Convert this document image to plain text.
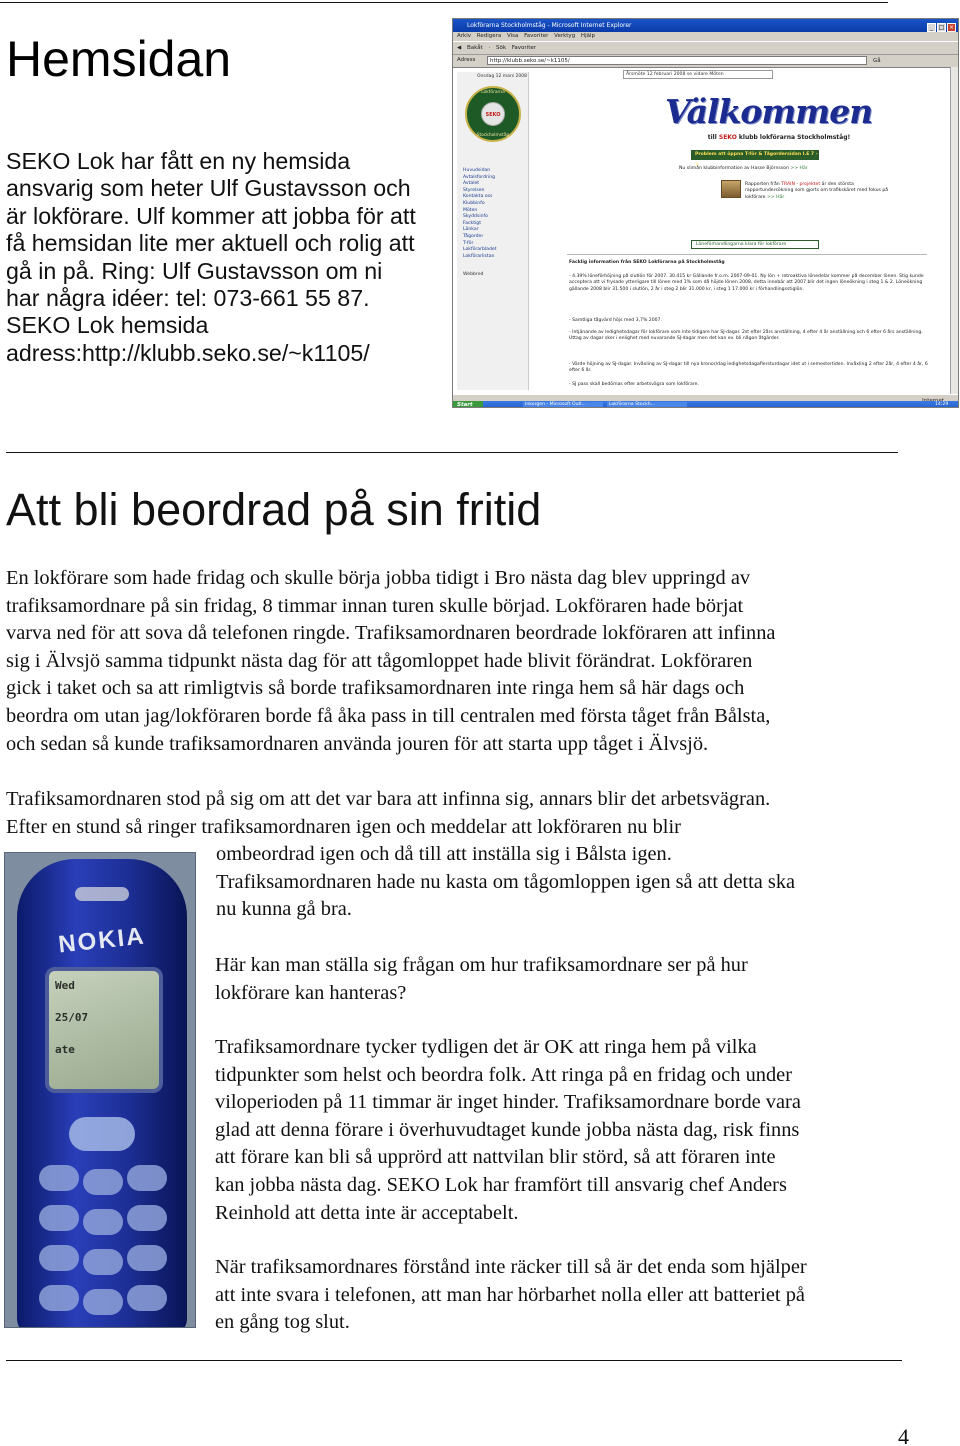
Hemsidan

SEKO Lok har fått en ny hemsida

ansvarig som heter Ulf Gustavsson och

är lokförare. Ulf kommer att jobba för att

få hemsidan lite mer aktuell och rolig att

gå in på. Ring: Ulf Gustavsson om ni

har några idéer: tel: 073-661 55 87.

SEKO Lok hemsida

adress:http://klubb.seko.se/~k1105/

Lokförarna Stockholmståg - Microsoft Internet Explorer	_ □ ×
Arkiv Redigera Visa Favoriter Verktyg Hjälp
◀ Bakåt · Sök Favoriter
Adress	http://klubb.seko.se/~k1105/	Gå
Onsdag 12 mars 2008
Lokförarna
SEKO
Stockholmståg
Huvudsidan
Avtalsfordring
Avtalet
Styrelsen
Kontakta oss
Klubbinfo
Möten
Skyddsinfo
Facktigt
Länkar
Tågorder
T-för
Lokförarbladet
Lokförarlistan
Webbred
Årsmöte 12 februari 2008 se vidare Möten
Välkommen
till SEKO klubb lokförarna Stockholmståg!
Problem att öppna T-för & Tågordersidan I.E 7 -> här
Nu slimån klubbinformation av Hasse Björnsson >> Här
Rapporten från TRAIN - projektet är den största rapportundersökning som gjorts om trafikskäret med fokus på lokförare >> Här
Löneförhandlingarna klara för lokförare
Facklig information från SEKO Lokförarna på Stockholmståg
- 4.39% löneförhöjning på slutlön för 2007. 30.415 kr Gällande fr.o.m. 2007-09-01. Ny lön + retroaktiva lönedelar kommer på december lönen. Stig kunde acceptera att vi frysade ytterligare till lönen med 1% som då höjde lönen 2008, detta innebär att 2007 blir det ingen löneökning i steg 1 & 2. Löneökning gällande 2008 blir 31.500 i slutlön, 2 år i steg 2 blir 31.000 kr, i steg 1 17.000 kr i förhandlingsstiglön.
- Samtliga tågvärd höjs med 3,7% 2007.
- Intjänande av ledighetsdagar för lokförare som inte tidigare har SJ-dagar. 2st efter 2års anställning, 4 efter 4 år anställning och 6 efter 6 års anställning. Uttag av dagar sker i enlighet med nuvarande SJ-dagar men det kan ev. bli någon åtgärder.
- Värde höjning av SJ-dagar. Invåxling av SJ-dagar till nya kronor/dag ledighetsdagaflersturdagar idet ut i semestertiden. Invåxling 2 efter 2år, 4 efter 4 år, 6 efter 6 år.
- SJ pass skall bedömas efter arbetsvägra som lokförare.
Start	Inkorgen - Microsoft Outl...	Lokförarna Stockh...	14:29
Att bli beordrad på sin fritid
En lokförare som hade fridag och skulle börja jobba tidigt i Bro nästa dag blev uppringd av
trafiksamordnare på sin fridag, 8 timmar innan turen skulle börjad. Lokföraren hade börjat
varva ned för att sova då telefonen ringde. Trafiksamordnaren beordrade lokföraren att infinna
sig i Älvsjö samma tidpunkt nästa dag för att tågomloppet hade blivit förändrat. Lokföraren
gick i taket och sa att rimligtvis så borde trafiksamordnaren inte ringa hem så här dags och
beordra om utan jag/lokföraren borde få åka pass in till centralen med första tåget från Bålsta,
och sedan så kunde trafiksamordnaren använda jouren för att starta upp tåget i Älvsjö.
Trafiksamordnaren stod på sig om att det var bara att infinna sig, annars blir det arbetsvägran.
Efter en stund så ringer trafiksamordnaren igen och meddelar att lokföraren nu blir
ombeordrad igen och då till att inställa sig i Bålsta igen.
Trafiksamordnaren hade nu kasta om tågomloppen igen så att detta ska
nu kunna gå bra.
NOKIA
Wed
25/07
ate
Här kan man ställa sig frågan om hur trafiksamordnare ser på hur
lokförare kan hanteras?
Trafiksamordnare tycker tydligen det är OK att ringa hem på vilka
tidpunkter som helst och beordra folk. Att ringa på en fridag och under
viloperioden på 11 timmar är inget hinder. Trafiksamordnare borde vara
glad att denna förare i överhuvudtaget kunde jobba nästa dag, risk finns
att förare kan bli så upprörd att nattvilan blir störd, så att föraren inte
kan jobba nästa dag. SEKO Lok har framfört till ansvarig chef Anders
Reinhold att detta inte är acceptabelt.
När trafiksamordnares förstånd inte räcker till så är det enda som hjälper
att inte svara i telefonen, att man har hörbarhet nolla eller att batteriet på
en gång tog slut.
4
